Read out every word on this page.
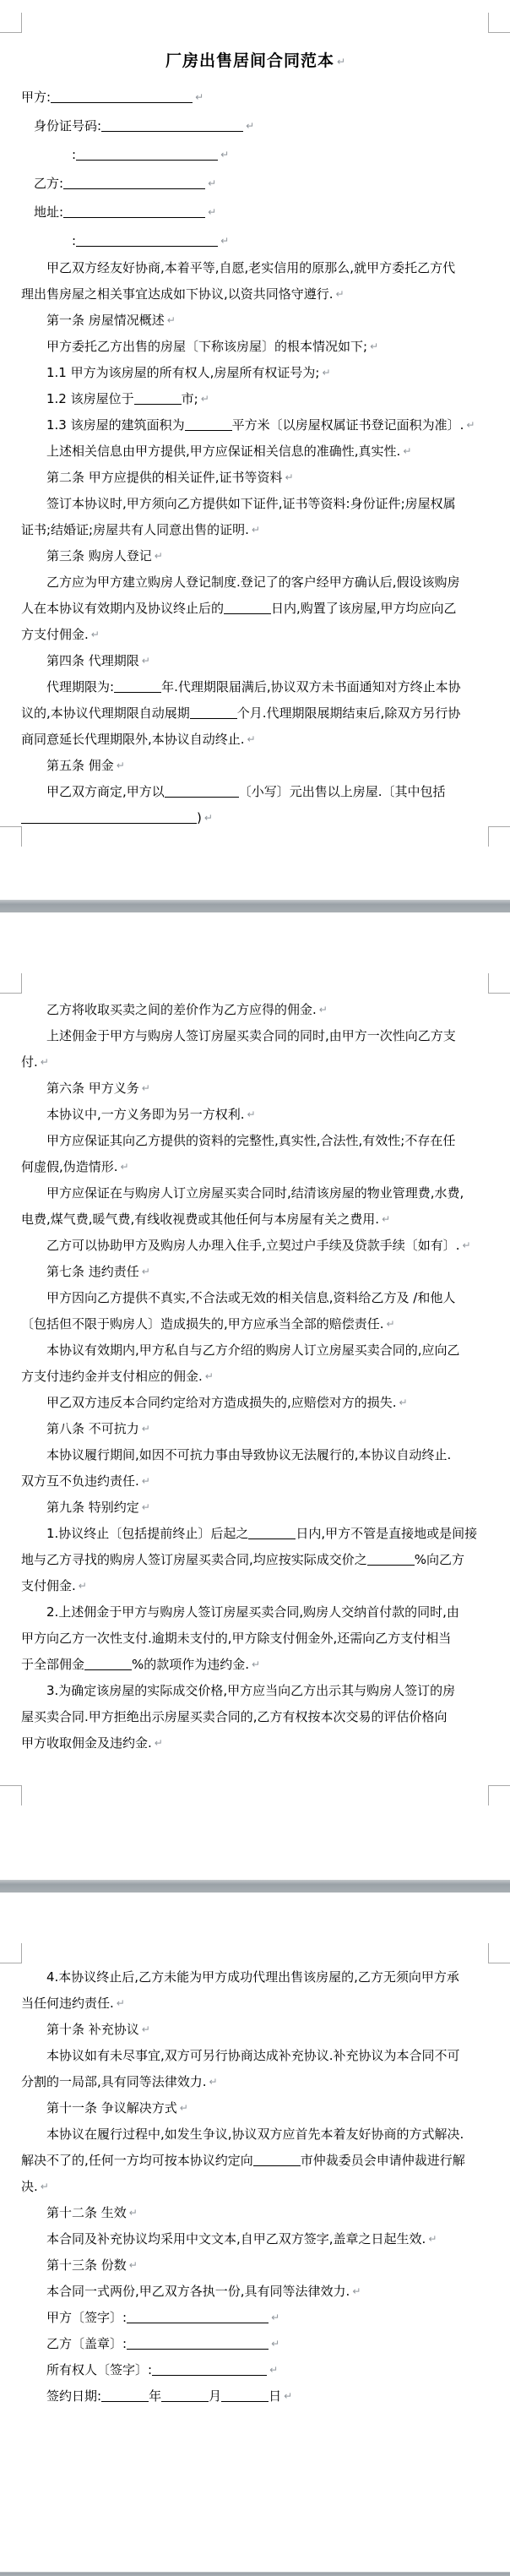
厂房出售居间合同范本 ↵
甲方: ↵
　身份证号码: ↵
　　　　: ↵
　乙方: ↵
　地址: ↵
　　　　: ↵
　　甲乙双方经友好协商,本着平等,自愿,老实信用的原那么,就甲方委托乙方代
理出售房屋之相关事宜达成如下协议,以资共同恪守遵行. ↵
　　第一条 房屋情况概述 ↵
　　甲方委托乙方出售的房屋〔下称该房屋〕的根本情况如下; ↵
　　1.1 甲方为该房屋的所有权人,房屋所有权证号为; ↵
　　1.2 该房屋位于	市; ↵
　　1.3 该房屋的建筑面积为	平方米〔以房屋权属证书登记面积为准〕. ↵
　　上述相关信息由甲方提供,甲方应保证相关信息的准确性,真实性. ↵
　　第二条 甲方应提供的相关证件,证书等资料 ↵
　　签订本协议时,甲方须向乙方提供如下证件,证书等资料:身份证件;房屋权属
证书;结婚证;房屋共有人同意出售的证明. ↵
　　第三条 购房人登记 ↵
　　乙方应为甲方建立购房人登记制度.登记了的客户经甲方确认后,假设该购房
人在本协议有效期内及协议终止后的	日内,购置了该房屋,甲方均应向乙
方支付佣金. ↵
　　第四条 代理期限 ↵
　　代理期限为:	年.代理期限届满后,协议双方未书面通知对方终止本协
议的,本协议代理期限自动展期	个月.代理期限展期结束后,除双方另行协
商同意延长代理期限外,本协议自动终止. ↵
　　第五条 佣金 ↵
　　甲乙双方商定,甲方以	〔小写〕元出售以上房屋.〔其中包括
) ↵
　　乙方将收取买卖之间的差价作为乙方应得的佣金. ↵
　　上述佣金于甲方与购房人签订房屋买卖合同的同时,由甲方一次性向乙方支
付. ↵
　　第六条 甲方义务 ↵
　　本协议中,一方义务即为另一方权利. ↵
　　甲方应保证其向乙方提供的资料的完整性,真实性,合法性,有效性;不存在任
何虚假,伪造情形. ↵
　　甲方应保证在与购房人订立房屋买卖合同时,结清该房屋的物业管理费,水费,
电费,煤气费,暖气费,有线收视费或其他任何与本房屋有关之费用. ↵
　　乙方可以协助甲方及购房人办理入住手,立契过户手续及贷款手续〔如有〕. ↵
　　第七条 违约责任 ↵
　　甲方因向乙方提供不真实,不合法或无效的相关信息,资料给乙方及 /和他人
〔包括但不限于购房人〕造成损失的,甲方应承当全部的赔偿责任. ↵
　　本协议有效期内,甲方私自与乙方介绍的购房人订立房屋买卖合同的,应向乙
方支付违约金并支付相应的佣金. ↵
　　甲乙双方违反本合同约定给对方造成损失的,应赔偿对方的损失. ↵
　　第八条 不可抗力 ↵
　　本协议履行期间,如因不可抗力事由导致协议无法履行的,本协议自动终止.
双方互不负违约责任. ↵
　　第九条 特别约定 ↵
　　1.协议终止〔包括提前终止〕后起之	日内,甲方不管是直接地或是间接
地与乙方寻找的购房人签订房屋买卖合同,均应按实际成交价之	%向乙方
支付佣金. ↵
　　2.上述佣金于甲方与购房人签订房屋买卖合同,购房人交纳首付款的同时,由
甲方向乙方一次性支付.逾期未支付的,甲方除支付佣金外,还需向乙方支付相当
于全部佣金	%的款项作为违约金. ↵
　　3.为确定该房屋的实际成交价格,甲方应当向乙方出示其与购房人签订的房
屋买卖合同.甲方拒绝出示房屋买卖合同的,乙方有权按本次交易的评估价格向
甲方收取佣金及违约金. ↵
　　4.本协议终止后,乙方未能为甲方成功代理出售该房屋的,乙方无须向甲方承
当任何违约责任. ↵
　　第十条 补充协议 ↵
　　本协议如有未尽事宜,双方可另行协商达成补充协议.补充协议为本合同不可
分割的一局部,具有同等法律效力. ↵
　　第十一条 争议解决方式 ↵
　　本协议在履行过程中,如发生争议,协议双方应首先本着友好协商的方式解决.
解决不了的,任何一方均可按本协议约定向	市仲裁委员会申请仲裁进行解
决. ↵
　　第十二条 生效 ↵
　　本合同及补充协议均采用中文文本,自甲乙双方签字,盖章之日起生效. ↵
　　第十三条 份数 ↵
　　本合同一式两份,甲乙双方各执一份,具有同等法律效力. ↵
　　甲方〔签字〕: ↵
　　乙方〔盖章〕: ↵
　　所有权人〔签字〕: ↵
　　签约日期:	年	月	日 ↵
